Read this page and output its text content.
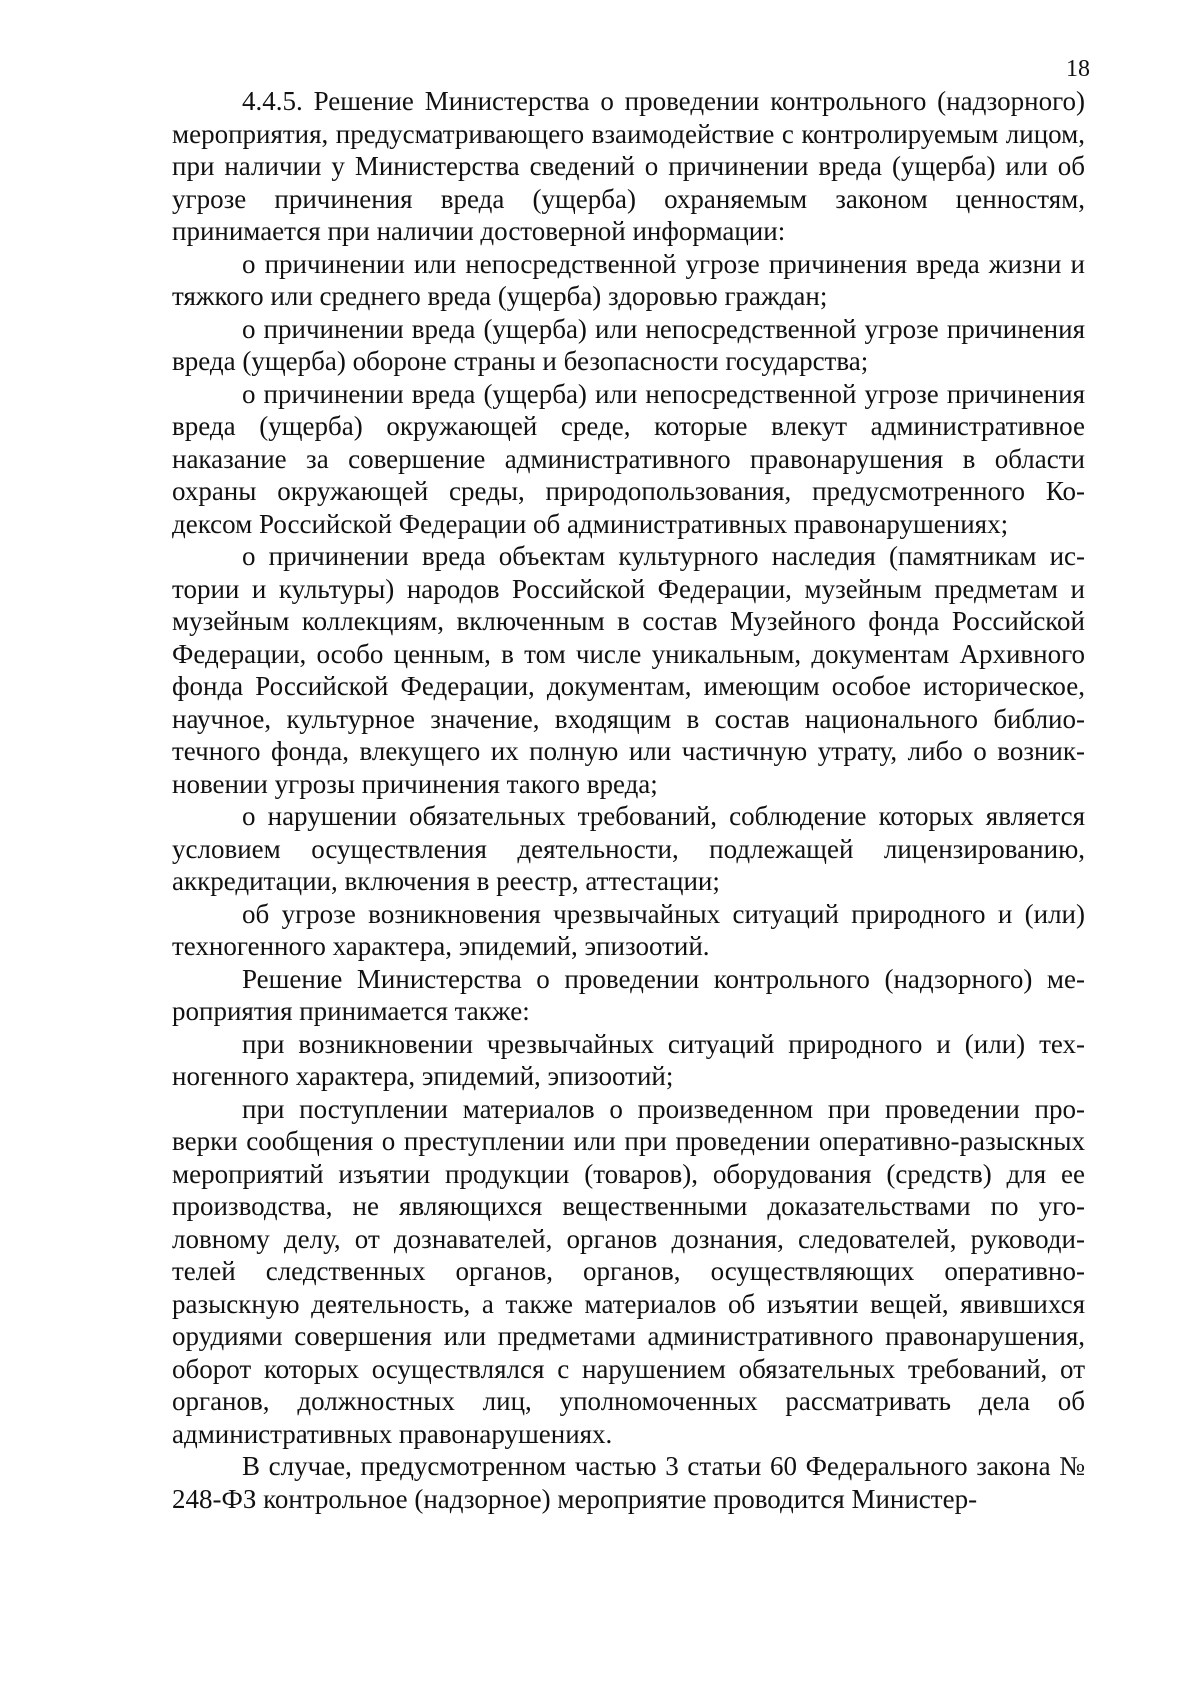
18

4.4.5. Решение Министерства о проведении контрольного (надзорного) мероприятия, предусматривающего взаимодействие с контролируемым лицом, при наличии у Министерства сведений о причинении вреда (ущерба) или об угрозе причинения вреда (ущерба) охраняемым законом ценностям, принимается при наличии достоверной информации:

о причинении или непосредственной угрозе причинения вреда жизни и тяжкого или среднего вреда (ущерба) здоровью граждан;

о причинении вреда (ущерба) или непосредственной угрозе причинения вреда (ущерба) обороне страны и безопасности государства;

о причинении вреда (ущерба) или непосредственной угрозе причинения вреда (ущерба) окружающей среде, которые влекут административное наказание за совершение административного правонарушения в области охраны окружающей среды, природопользования, предусмотренного Кодексом Российской Федерации об административных правонарушениях;

о причинении вреда объектам культурного наследия (памятникам истории и культуры) народов Российской Федерации, музейным предметам и музейным коллекциям, включенным в состав Музейного фонда Российской Федерации, особо ценным, в том числе уникальным, документам Архивного фонда Российской Федерации, документам, имеющим особое историческое, научное, культурное значение, входящим в состав национального библиотечного фонда, влекущего их полную или частичную утрату, либо о возникновении угрозы причинения такого вреда;

о нарушении обязательных требований, соблюдение которых является условием осуществления деятельности, подлежащей лицензированию, аккредитации, включения в реестр, аттестации;

об угрозе возникновения чрезвычайных ситуаций природного и (или) техногенного характера, эпидемий, эпизоотий.

Решение Министерства о проведении контрольного (надзорного) мероприятия принимается также:

при возникновении чрезвычайных ситуаций природного и (или) техногенного характера, эпидемий, эпизоотий;

при поступлении материалов о произведенном при проведении проверки сообщения о преступлении или при проведении оперативно-разыскных мероприятий изъятии продукции (товаров), оборудования (средств) для ее производства, не являющихся вещественными доказательствами по уголовному делу, от дознавателей, органов дознания, следователей, руководителей следственных органов, органов, осуществляющих оперативно-разыскную деятельность, а также материалов об изъятии вещей, явившихся орудиями совершения или предметами административного правонарушения, оборот которых осуществлялся с нарушением обязательных требований, от органов, должностных лиц, уполномоченных рассматривать дела об административных правонарушениях.

В случае, предусмотренном частью 3 статьи 60 Федерального закона № 248-ФЗ контрольное (надзорное) мероприятие проводится Министер-
